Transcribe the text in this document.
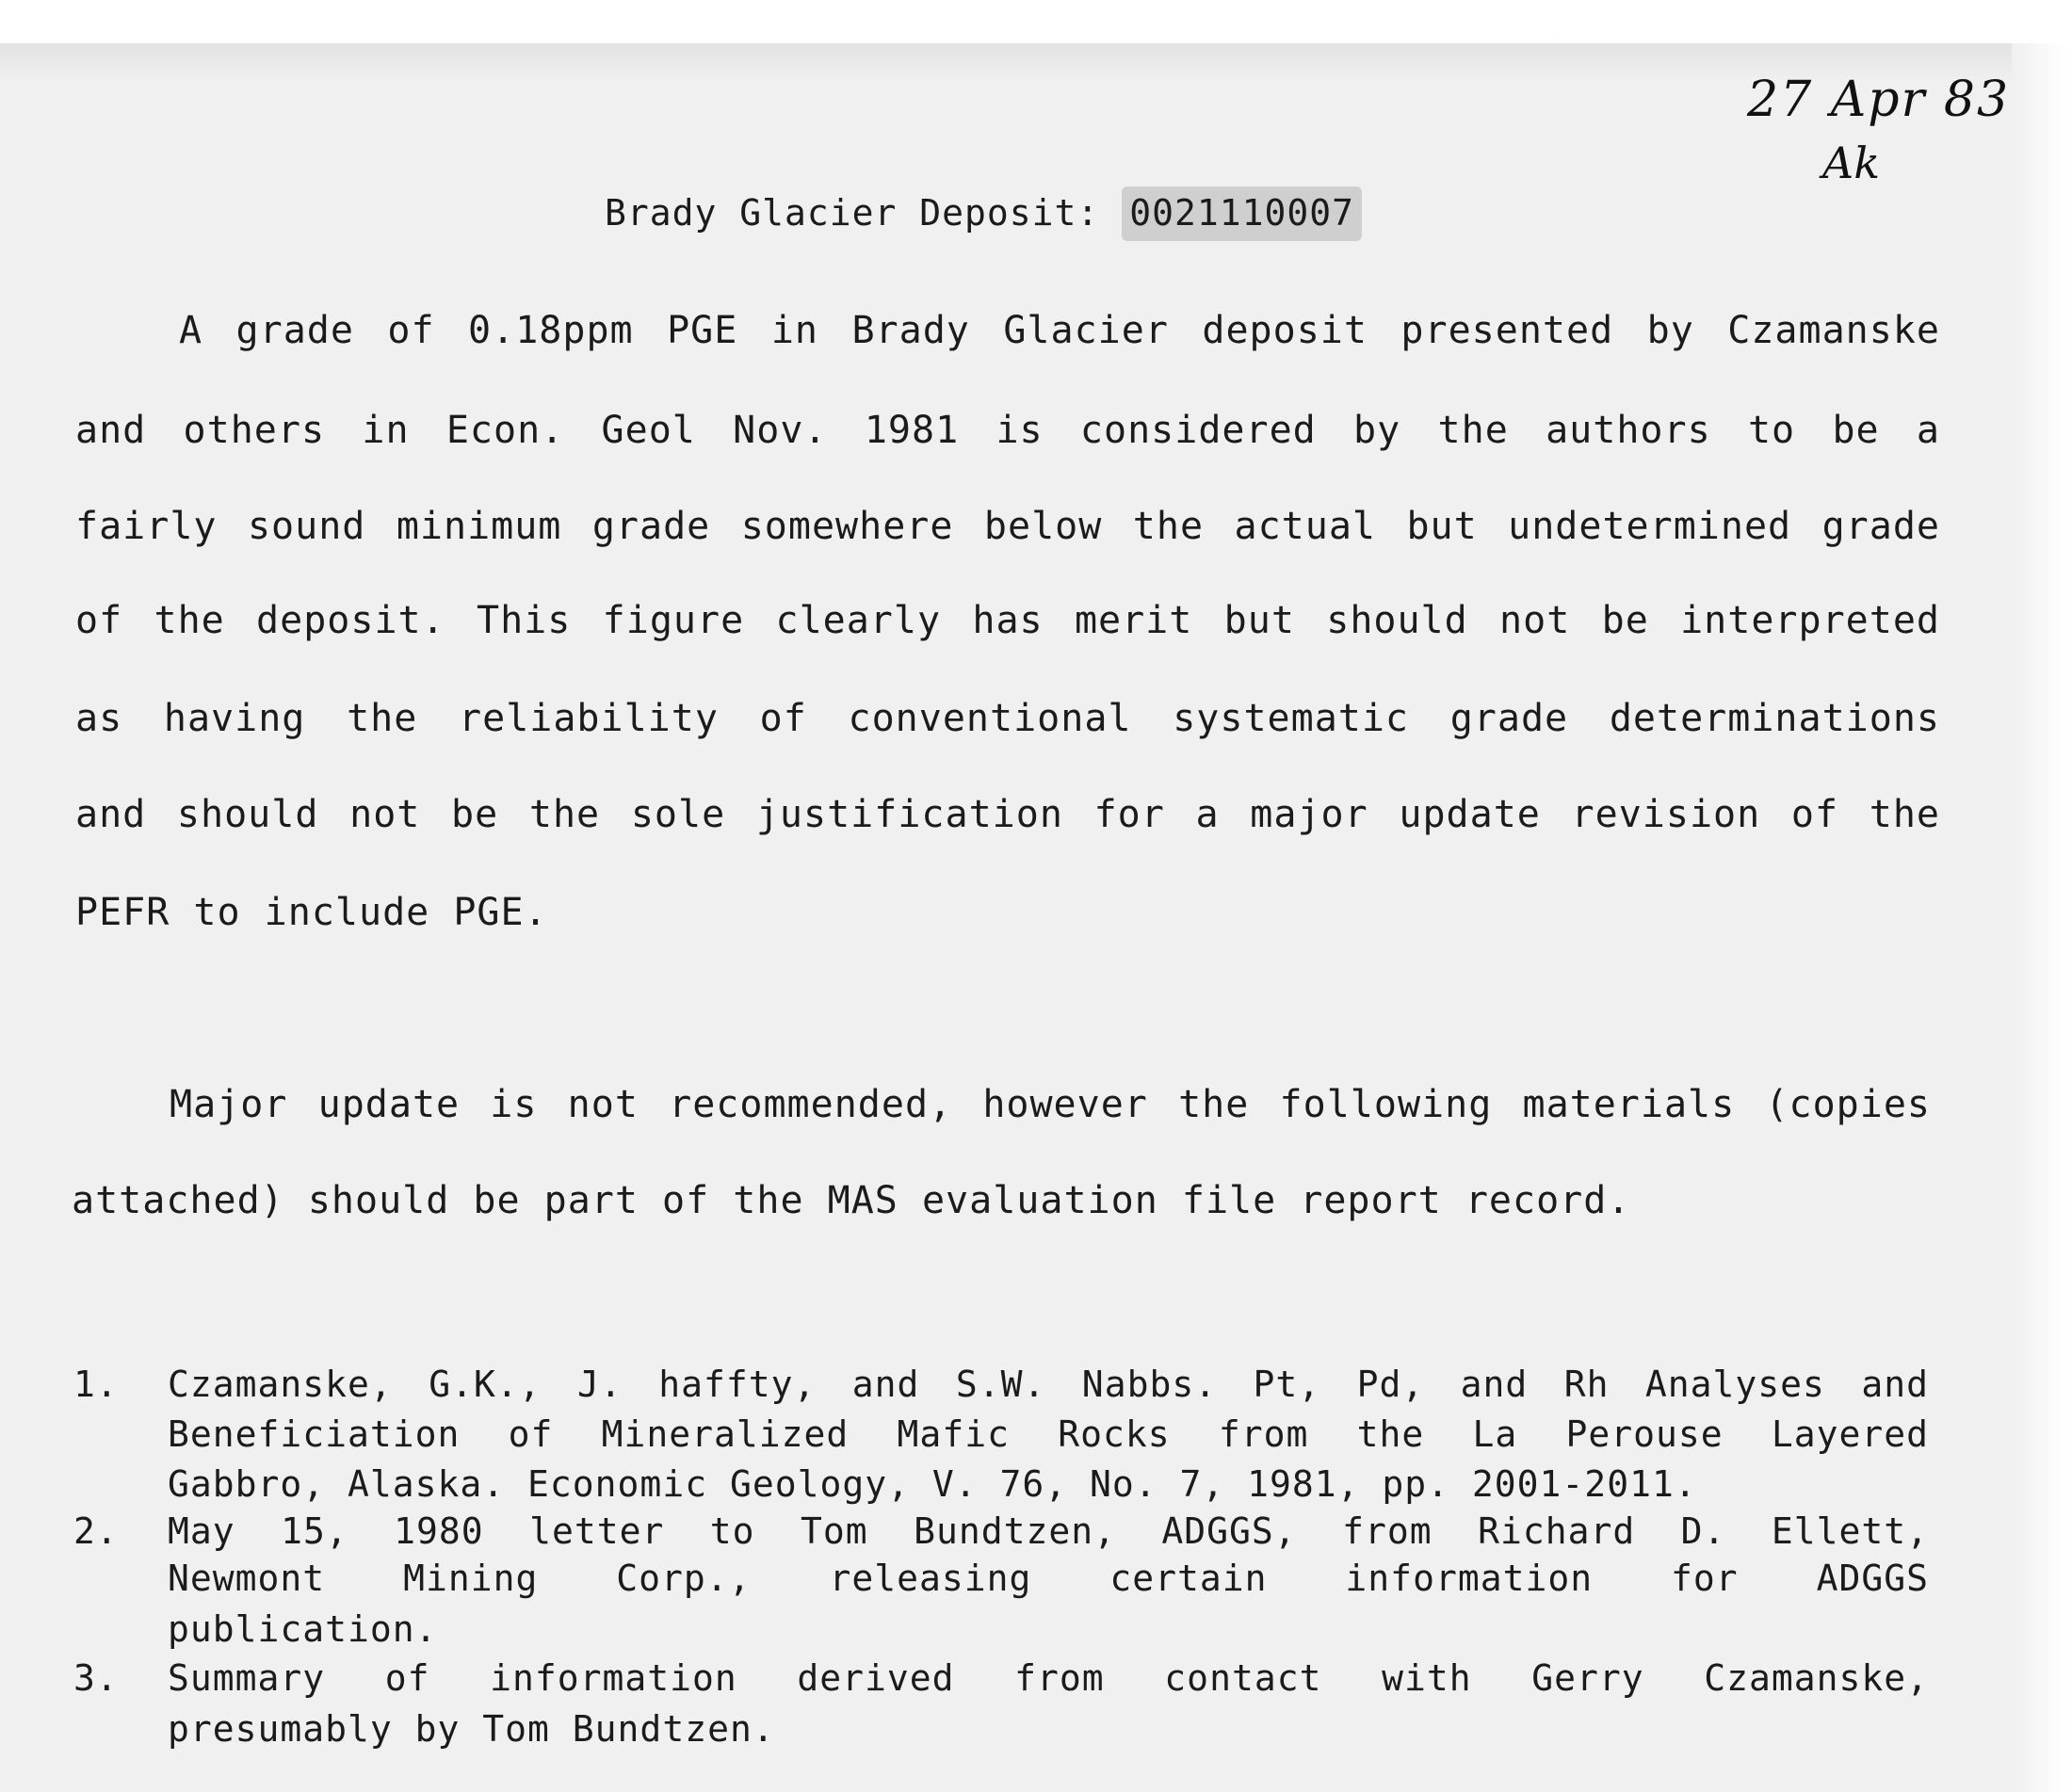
27 Apr 83
Ak
Brady Glacier Deposit: 0021110007
A grade of 0.18ppm PGE in Brady Glacier deposit presented by Czamanske
and others in Econ. Geol Nov. 1981 is considered by the authors to be a
fairly sound minimum grade somewhere below the actual but undetermined grade
of the deposit. This figure clearly has merit but should not be interpreted
as having the reliability of conventional systematic grade determinations
and should not be the sole justification for a major update revision of the
PEFR to include PGE.
Major update is not recommended, however the following materials (copies
attached) should be part of the MAS evaluation file report record.
1. Czamanske, G.K., J. haffty, and S.W. Nabbs. Pt, Pd, and Rh Analyses and
Beneficiation of Mineralized Mafic Rocks from the La Perouse Layered
Gabbro, Alaska. Economic Geology, V. 76, No. 7, 1981, pp. 2001-2011.
2. May 15, 1980 letter to Tom Bundtzen, ADGGS, from Richard D. Ellett,
Newmont Mining Corp., releasing certain information for ADGGS
publication.
3. Summary of information derived from contact with Gerry Czamanske,
presumably by Tom Bundtzen.
